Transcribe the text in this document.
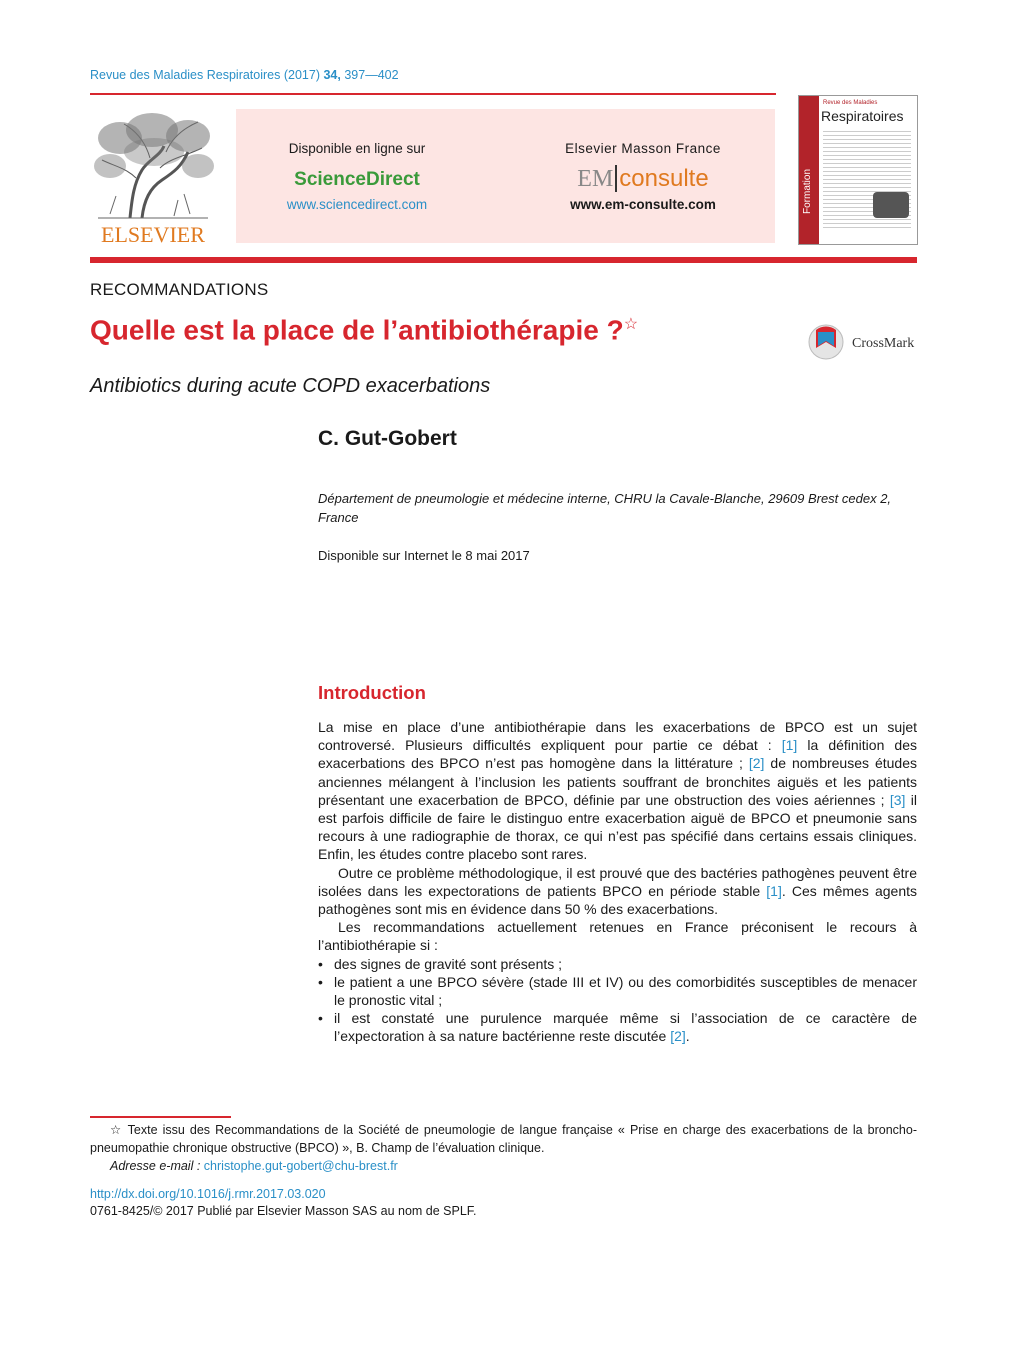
Revue des Maladies Respiratoires (2017) 34, 397—402
ELSEVIER
Disponible en ligne sur
ScienceDirect
www.sciencedirect.com
Elsevier Masson France
EM consulte
www.em-consulte.com	Formation
Revue des Maladies
Respiratoires
RECOMMANDATIONS
Quelle est la place de l’antibiothérapie ?☆
CrossMark
Antibiotics during acute COPD exacerbations
C. Gut-Gobert
Département de pneumologie et médecine interne, CHRU la Cavale-Blanche, 29609 Brest cedex 2, France
Disponible sur Internet le 8 mai 2017
Introduction

La mise en place d’une antibiothérapie dans les exacerbations de BPCO est un sujet controversé. Plusieurs difficultés expliquent pour partie ce débat : [1] la définition des exacerbations des BPCO n’est pas homogène dans la littérature ; [2] de nombreuses études anciennes mélangent à l’inclusion les patients souffrant de bronchites aiguës et les patients présentant une exacerbation de BPCO, définie par une obstruction des voies aériennes ; [3] il est parfois difficile de faire le distinguo entre exacerbation aiguë de BPCO et pneumonie sans recours à une radiographie de thorax, ce qui n’est pas spécifié dans certains essais cliniques. Enfin, les études contre placebo sont rares.

Outre ce problème méthodologique, il est prouvé que des bactéries pathogènes peuvent être isolées dans les expectorations de patients BPCO en période stable [1]. Ces mêmes agents pathogènes sont mis en évidence dans 50 % des exacerbations.

Les recommandations actuellement retenues en France préconisent le recours à l’antibiothérapie si :

• des signes de gravité sont présents ;
• le patient a une BPCO sévère (stade III et IV) ou des comorbidités susceptibles de menacer le pronostic vital ;
• il est constaté une purulence marquée même si l’association de ce caractère de l’expectoration à sa nature bactérienne reste discutée [2].
☆ Texte issu des Recommandations de la Société de pneumologie de langue française « Prise en charge des exacerbations de la broncho-pneumopathie chronique obstructive (BPCO) », B. Champ de l’évaluation clinique.
Adresse e-mail : christophe.gut-gobert@chu-brest.fr
http://dx.doi.org/10.1016/j.rmr.2017.03.020
0761-8425/© 2017 Publié par Elsevier Masson SAS au nom de SPLF.
